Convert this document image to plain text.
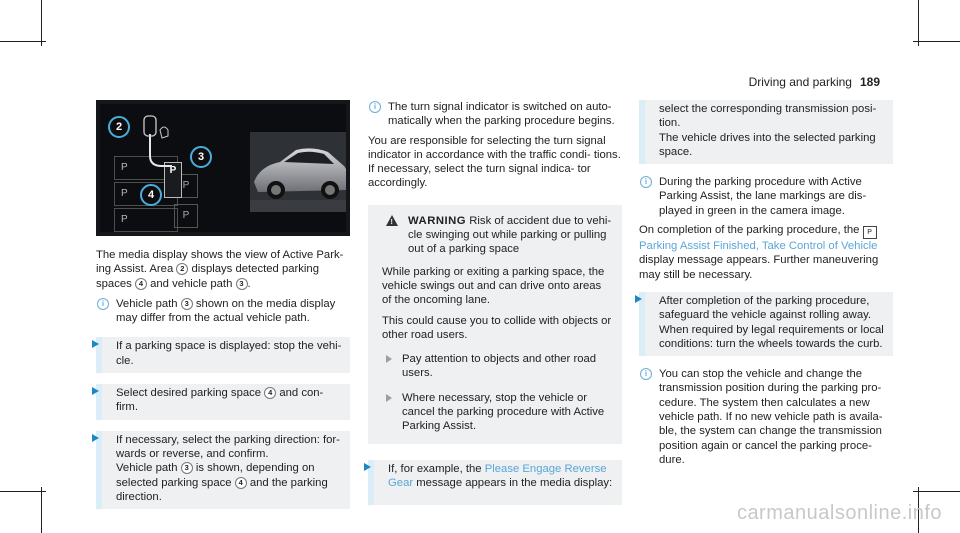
Driving and parking 189
P
P
P
P
P
P
2
3
4

The media display shows the view of Active Park- ing Assist. Area 2 displays detected parking spaces 4 and vehicle path 3 .

i	Vehicle path 3 shown on the media display may differ from the actual vehicle path.

If a parking space is displayed: stop the vehi- cle.

Select desired parking space 4 and con- firm.

If necessary, select the parking direction: for- wards or reverse, and confirm.
Vehicle path 3 is shown, depending on selected parking space 4 and the parking direction.

i	The turn signal indicator is switched on auto- matically when the parking procedure begins.

You are responsible for selecting the turn signal indicator in accordance with the traffic condi- tions. If necessary, select the turn signal indica- tor accordingly.

!
WARNING Risk of accident due to vehi- cle swinging out while parking or pulling out of a parking space

While parking or exiting a parking space, the vehicle swings out and can drive onto areas of the oncoming lane.

This could cause you to collide with objects or other road users.

Pay attention to objects and other road users.
Where necessary, stop the vehicle or cancel the parking procedure with Active Parking Assist.

If, for example, the Please Engage Reverse Gear message appears in the media display:

select the corresponding transmission posi- tion.

The vehicle drives into the selected parking space.

i	During the parking procedure with Active Parking Assist, the lane markings are dis- played in green in the camera image.

On completion of the parking procedure, the PParking Assist Finished, Take Control of Vehicle display message appears. Further maneuvering may still be necessary.

After completion of the parking procedure, safeguard the vehicle against rolling away. When required by legal requirements or local conditions: turn the wheels towards the curb.

i	You can stop the vehicle and change the transmission position during the parking pro- cedure. The system then calculates a new vehicle path. If no new vehicle path is availa- ble, the system can change the transmission position again or cancel the parking proce- dure.
carmanualsonline.info
